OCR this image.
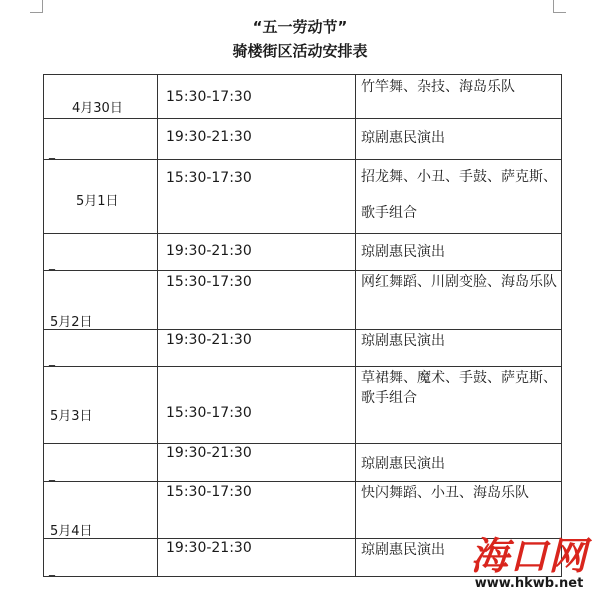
“五一劳动节”
骑楼街区活动安排表
4月30日	15:30-17:30	竹竿舞、杂技、海岛乐队

_	19:30-21:30	琼剧惠民演出

5月1日	15:30-17:30	招龙舞、小丑、手鼓、萨克斯、歌手组合

_	19:30-21:30	琼剧惠民演出

5月2日	15:30-17:30	网红舞蹈、川剧变脸、海岛乐队

_	19:30-21:30	琼剧惠民演出

5月3日	15:30-17:30	草裙舞、魔术、手鼓、萨克斯、歌手组合

_	19:30-21:30	琼剧惠民演出

5月4日	15:30-17:30	快闪舞蹈、小丑、海岛乐队

_	19:30-21:30	琼剧惠民演出 海口网
www.hkwb.net
